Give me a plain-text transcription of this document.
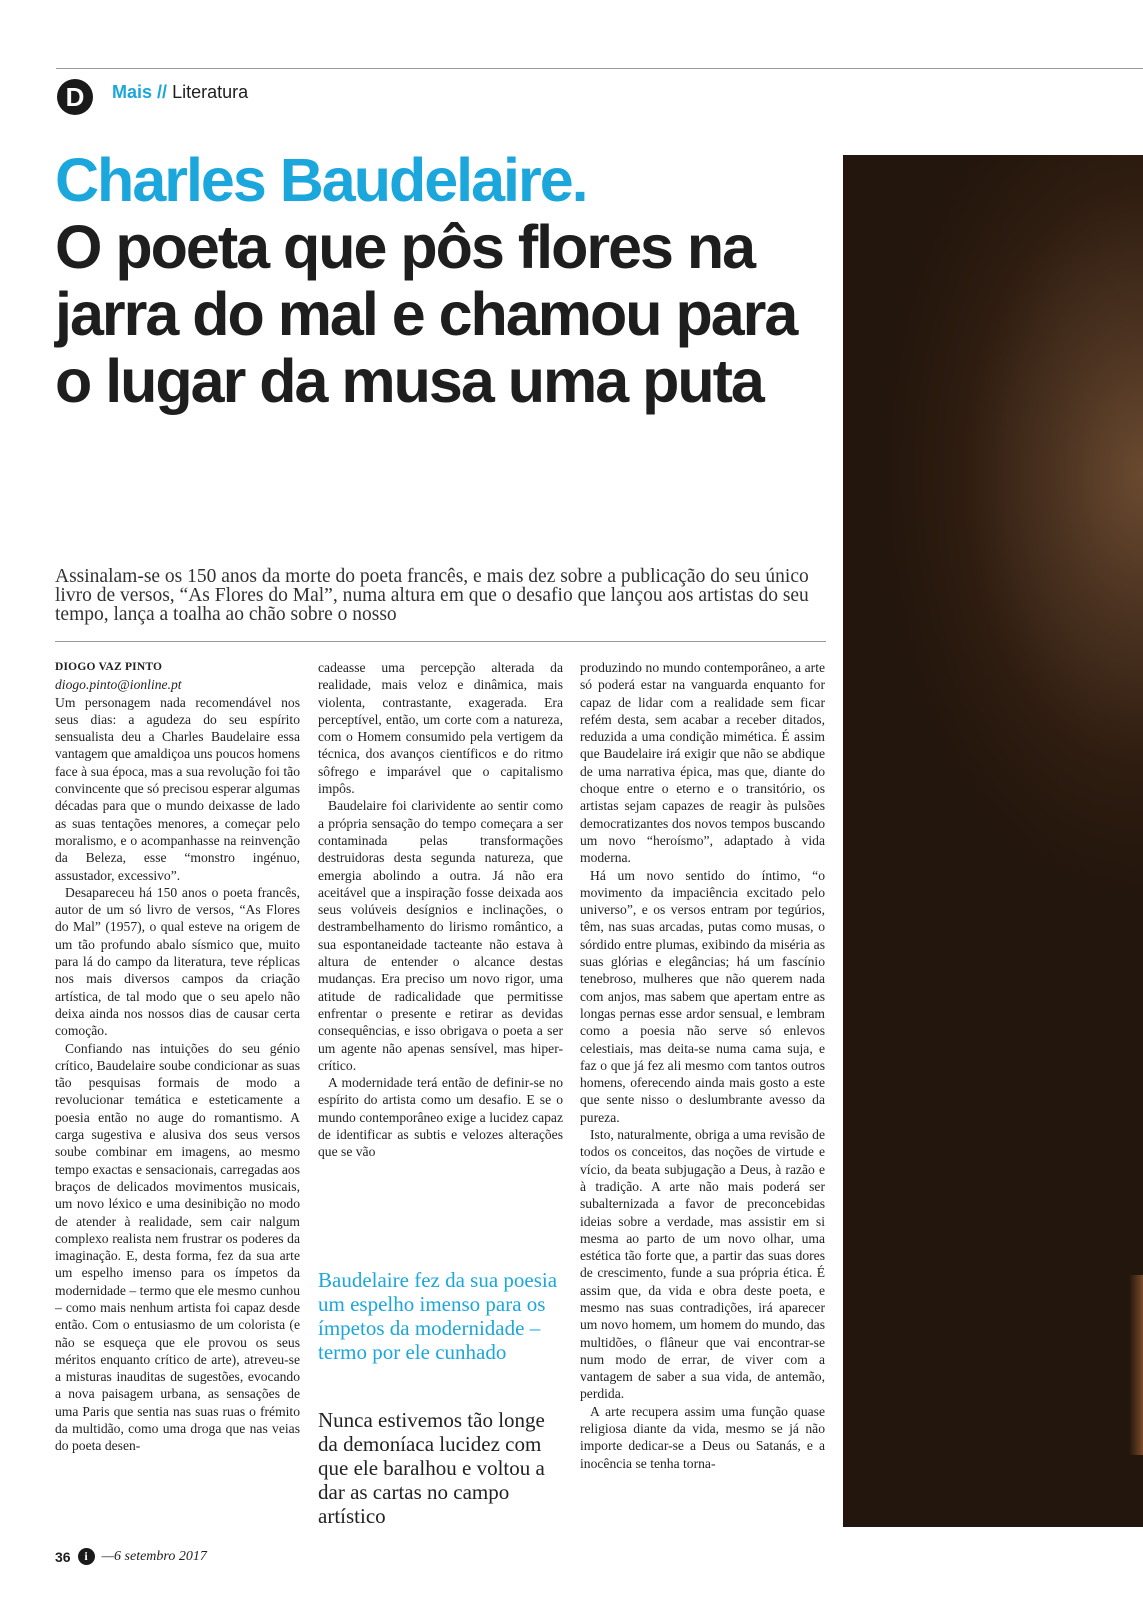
D	Mais // Literatura
Charles Baudelaire.
O poeta que pôs flores na jarra do mal e chamou para o lugar da musa uma puta

Assinalam-se os 150 anos da morte do poeta francês, e mais dez sobre a publicação do seu único livro de versos, “As Flores do Mal”, numa altura em que o desafio que lançou aos artistas do seu tempo, lança a toalha ao chão sobre o nosso

DIOGO VAZ PINTO

diogo.pinto@ionline.pt

Um personagem nada recomendável nos seus dias: a agudeza do seu espírito sensualista deu a Charles Baudelaire essa vantagem que amaldiçoa uns poucos homens face à sua época, mas a sua revolução foi tão convincente que só precisou esperar algumas décadas para que o mundo deixasse de lado as suas tentações menores, a começar pelo moralismo, e o acompanhasse na reinvenção da Beleza, esse “monstro ingénuo, assustador, excessivo”.

Desapareceu há 150 anos o poeta francês, autor de um só livro de versos, “As Flores do Mal” (1957), o qual esteve na origem de um tão profundo abalo sísmico que, muito para lá do campo da literatura, teve réplicas nos mais diversos campos da criação artística, de tal modo que o seu apelo não deixa ainda nos nossos dias de causar certa comoção.

Confiando nas intuições do seu génio crítico, Baudelaire soube condicionar as suas tão pesquisas formais de modo a revolucionar temática e esteticamente a poesia então no auge do romantismo. A carga sugestiva e alusiva dos seus versos soube combinar em imagens, ao mesmo tempo exactas e sensacionais, carregadas aos braços de delicados movimentos musicais, um novo léxico e uma desinibição no modo de atender à realidade, sem cair nalgum complexo realista nem frustrar os poderes da imaginação. E, desta forma, fez da sua arte um espelho imenso para os ímpetos da modernidade – termo que ele mesmo cunhou – como mais nenhum artista foi capaz desde então. Com o entusiasmo de um colorista (e não se esqueça que ele provou os seus méritos enquanto crítico de arte), atreveu-se a misturas inauditas de sugestões, evocando a nova paisagem urbana, as sensações de uma Paris que sentia nas suas ruas o frémito da multidão, como uma droga que nas veias do poeta desen-

cadeasse uma percepção alterada da realidade, mais veloz e dinâmica, mais violenta, contrastante, exagerada. Era perceptível, então, um corte com a natureza, com o Homem consumido pela vertigem da técnica, dos avanços científicos e do ritmo sôfrego e imparável que o capitalismo impôs.

Baudelaire foi clarividente ao sentir como a própria sensação do tempo começara a ser contaminada pelas transformações destruidoras desta segunda natureza, que emergia abolindo a outra. Já não era aceitável que a inspiração fosse deixada aos seus volúveis desígnios e inclinações, o destrambelhamento do lirismo romântico, a sua espontaneidade tacteante não estava à altura de entender o alcance destas mudanças. Era preciso um novo rigor, uma atitude de radicalidade que permitisse enfrentar o presente e retirar as devidas consequências, e isso obrigava o poeta a ser um agente não apenas sensível, mas hiper-crítico.

A modernidade terá então de definir-se no espírito do artista como um desafio. E se o mundo contemporâneo exige a lucidez capaz de identificar as subtis e velozes alterações que se vão

Baudelaire fez da sua poesia um espelho imenso para os ímpetos da modernidade – termo por ele cunhado

Nunca estivemos tão longe da demoníaca lucidez com que ele baralhou e voltou a dar as cartas no campo artístico

produzindo no mundo contemporâneo, a arte só poderá estar na vanguarda enquanto for capaz de lidar com a realidade sem ficar refém desta, sem acabar a receber ditados, reduzida a uma condição mimética. É assim que Baudelaire irá exigir que não se abdique de uma narrativa épica, mas que, diante do choque entre o eterno e o transitório, os artistas sejam capazes de reagir às pulsões democratizantes dos novos tempos buscando um novo “heroísmo”, adaptado à vida moderna.

Há um novo sentido do íntimo, “o movimento da impaciência excitado pelo universo”, e os versos entram por tegúrios, têm, nas suas arcadas, putas como musas, o sórdido entre plumas, exibindo da miséria as suas glórias e elegâncias; há um fascínio tenebroso, mulheres que não querem nada com anjos, mas sabem que apertam entre as longas pernas esse ardor sensual, e lembram como a poesia não serve só enlevos celestiais, mas deita-se numa cama suja, e faz o que já fez ali mesmo com tantos outros homens, oferecendo ainda mais gosto a este que sente nisso o deslumbrante avesso da pureza.

Isto, naturalmente, obriga a uma revisão de todos os conceitos, das noções de virtude e vício, da beata subjugação a Deus, à razão e à tradição. A arte não mais poderá ser subalternizada a favor de preconcebidas ideias sobre a verdade, mas assistir em si mesma ao parto de um novo olhar, uma estética tão forte que, a partir das suas dores de crescimento, funde a sua própria ética. É assim que, da vida e obra deste poeta, e mesmo nas suas contradições, irá aparecer um novo homem, um homem do mundo, das multidões, o flâneur que vai encontrar-se num modo de errar, de viver com a vantagem de saber a sua vida, de antemão, perdida.

A arte recupera assim uma função quase religiosa diante da vida, mesmo se já não importe dedicar-se a Deus ou Satanás, e a inocência se tenha torna-

36	i —6 setembro 2017
